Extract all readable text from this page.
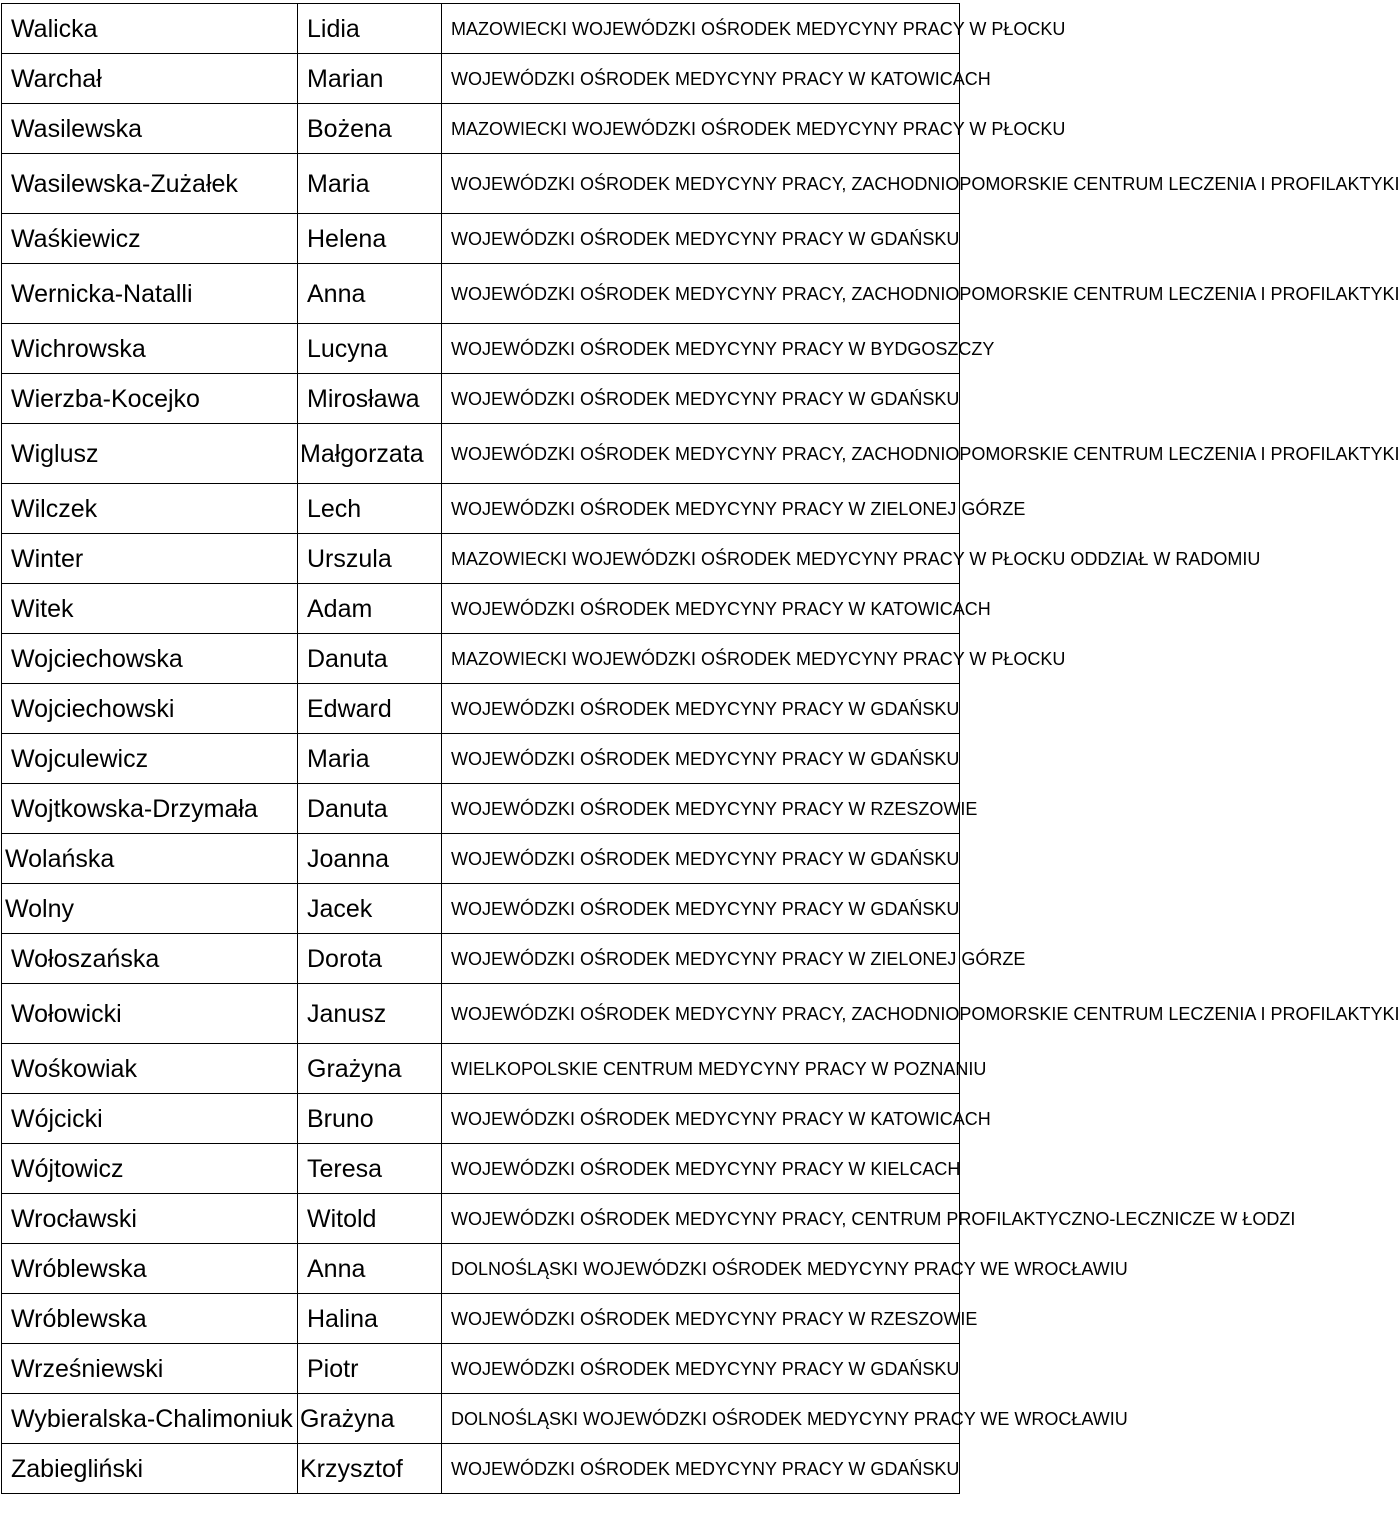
Walicka	Lidia	MAZOWIECKI WOJEWÓDZKI OŚRODEK MEDYCYNY PRACY W PŁOCKU
Warchał	Marian	WOJEWÓDZKI OŚRODEK MEDYCYNY PRACY W KATOWICACH
Wasilewska	Bożena	MAZOWIECKI WOJEWÓDZKI OŚRODEK MEDYCYNY PRACY W PŁOCKU
Wasilewska-Zużałek	Maria	WOJEWÓDZKI OŚRODEK MEDYCYNY PRACY, ZACHODNIOPOMORSKIE CENTRUM LECZENIA I PROFILAKTYKI
Waśkiewicz	Helena	WOJEWÓDZKI OŚRODEK MEDYCYNY PRACY W GDAŃSKU
Wernicka-Natalli	Anna	WOJEWÓDZKI OŚRODEK MEDYCYNY PRACY, ZACHODNIOPOMORSKIE CENTRUM LECZENIA I PROFILAKTYKI
Wichrowska	Lucyna	WOJEWÓDZKI OŚRODEK MEDYCYNY PRACY W BYDGOSZCZY
Wierzba-Kocejko	Mirosława	WOJEWÓDZKI OŚRODEK MEDYCYNY PRACY W GDAŃSKU
Wiglusz	Małgorzata	WOJEWÓDZKI OŚRODEK MEDYCYNY PRACY, ZACHODNIOPOMORSKIE CENTRUM LECZENIA I PROFILAKTYKI
Wilczek	Lech	WOJEWÓDZKI OŚRODEK MEDYCYNY PRACY W ZIELONEJ GÓRZE
Winter	Urszula	MAZOWIECKI WOJEWÓDZKI OŚRODEK MEDYCYNY PRACY W PŁOCKU ODDZIAŁ W RADOMIU
Witek	Adam	WOJEWÓDZKI OŚRODEK MEDYCYNY PRACY W KATOWICACH
Wojciechowska	Danuta	MAZOWIECKI WOJEWÓDZKI OŚRODEK MEDYCYNY PRACY W PŁOCKU
Wojciechowski	Edward	WOJEWÓDZKI OŚRODEK MEDYCYNY PRACY W GDAŃSKU
Wojculewicz	Maria	WOJEWÓDZKI OŚRODEK MEDYCYNY PRACY W GDAŃSKU
Wojtkowska-Drzymała	Danuta	WOJEWÓDZKI OŚRODEK MEDYCYNY PRACY W RZESZOWIE
Wolańska	Joanna	WOJEWÓDZKI OŚRODEK MEDYCYNY PRACY W GDAŃSKU
Wolny	Jacek	WOJEWÓDZKI OŚRODEK MEDYCYNY PRACY W GDAŃSKU
Wołoszańska	Dorota	WOJEWÓDZKI OŚRODEK MEDYCYNY PRACY W ZIELONEJ GÓRZE
Wołowicki	Janusz	WOJEWÓDZKI OŚRODEK MEDYCYNY PRACY, ZACHODNIOPOMORSKIE CENTRUM LECZENIA I PROFILAKTYKI
Wośkowiak	Grażyna	WIELKOPOLSKIE CENTRUM MEDYCYNY PRACY W POZNANIU
Wójcicki	Bruno	WOJEWÓDZKI OŚRODEK MEDYCYNY PRACY W KATOWICACH
Wójtowicz	Teresa	WOJEWÓDZKI OŚRODEK MEDYCYNY PRACY W KIELCACH
Wrocławski	Witold	WOJEWÓDZKI OŚRODEK MEDYCYNY PRACY, CENTRUM PROFILAKTYCZNO-LECZNICZE W ŁODZI
Wróblewska	Anna	DOLNOŚLĄSKI WOJEWÓDZKI OŚRODEK MEDYCYNY PRACY WE WROCŁAWIU
Wróblewska	Halina	WOJEWÓDZKI OŚRODEK MEDYCYNY PRACY W RZESZOWIE
Wrześniewski	Piotr	WOJEWÓDZKI OŚRODEK MEDYCYNY PRACY W GDAŃSKU
Wybieralska-Chalimoniuk	Grażyna	DOLNOŚLĄSKI WOJEWÓDZKI OŚRODEK MEDYCYNY PRACY WE WROCŁAWIU
Zabiegliński	Krzysztof	WOJEWÓDZKI OŚRODEK MEDYCYNY PRACY W GDAŃSKU
